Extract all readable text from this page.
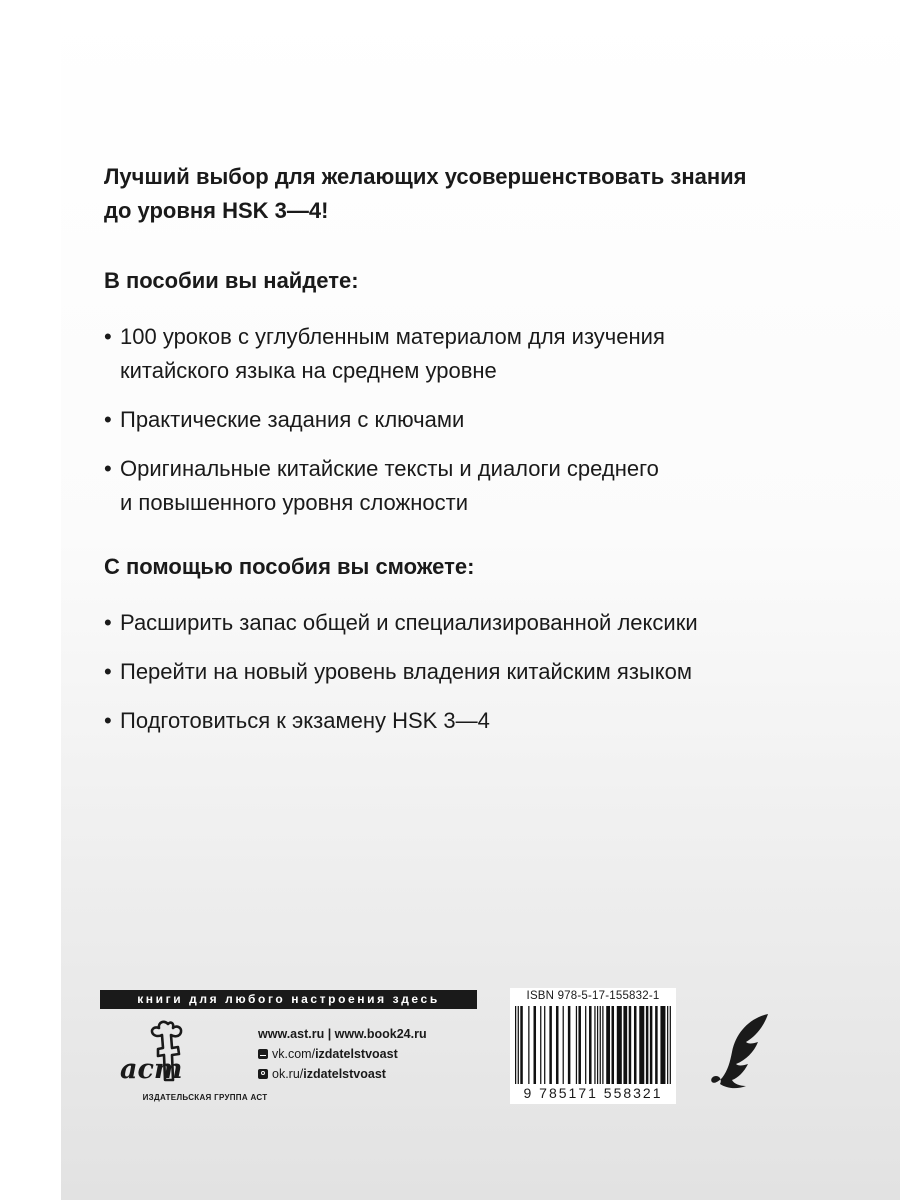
Лучший выбор для желающих усовершенствовать знания
до уровня HSK 3—4!

В пособии вы найдете:

• 100 уроков с углубленным материалом для изучения
китайского языка на среднем уровне
• Практические задания с ключами
• Оригинальные китайские тексты и диалоги среднего
и повышенного уровня сложности

С помощью пособия вы сможете:

• Расширить запас общей и специализированной лексики
• Перейти на новый уровень владения китайским языком
• Подготовиться к экзамену HSK 3—4
книги для любого настроения здесь
аст
ИЗДАТЕЛЬСКАЯ ГРУППА АСТ
www.ast.ru | www.book24.ru
vk.com/ izdatelstvoast
ok.ru/ izdatelstvoast
ISBN 978-5-17-155832-1
9 785171 558321
